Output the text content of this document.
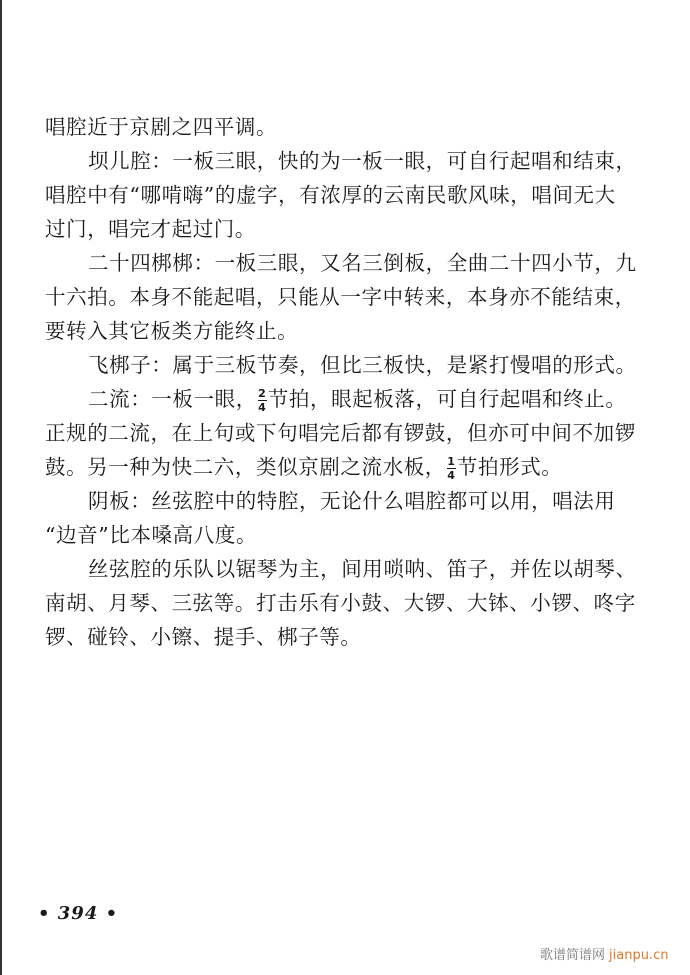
唱腔近于京剧之四平调。
坝儿腔：一板三眼，快的为一板一眼，可自行起唱和结束，
唱腔中有“哪啃嗨”的虚字，有浓厚的云南民歌风味，唱间无大
过门，唱完才起过门。
二十四梆梆：一板三眼，又名三倒板，全曲二十四小节，九
十六拍。本身不能起唱，只能从一字中转来，本身亦不能结束，
要转入其它板类方能终止。
飞梆子：属于三板节奏，但比三板快，是紧打慢唱的形式。
二流：一板一眼， $\frac{2}{4}$ 节拍，眼起板落，可自行起唱和终止。
正规的二流，在上句或下句唱完后都有锣鼓，但亦可中间不加锣
鼓。另一种为快二六，类似京剧之流水板， $\frac{1}{4}$ 节拍形式。
阴板：丝弦腔中的特腔，无论什么唱腔都可以用，唱法用
“边音”比本嗓高八度。
丝弦腔的乐队以锯琴为主，间用唢呐、笛子，并佐以胡琴、
南胡、月琴、三弦等。打击乐有小鼓、大锣、大钵、小锣、咚字
锣、碰铃、小镲、提手、梆子等。
• 394 •
歌谱简谱网 jianpu.cn
